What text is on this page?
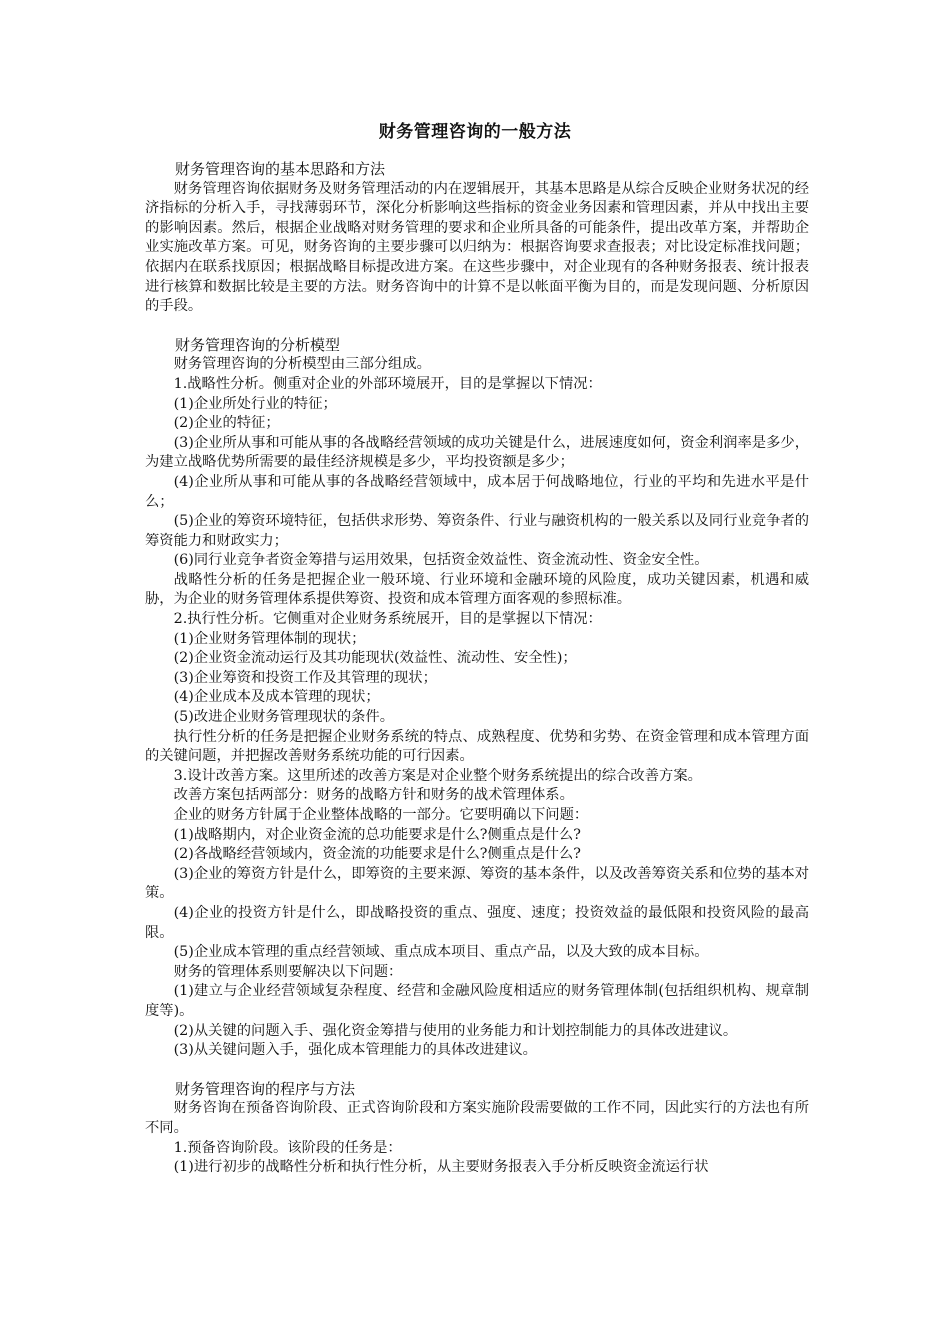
财务管理咨询的一般方法

财务管理咨询的基本思路和方法

财务管理咨询依据财务及财务管理活动的内在逻辑展开，其基本思路是从综合反映企业财务状况的经济指标的分析入手，寻找薄弱环节，深化分析影响这些指标的资金业务因素和管理因素，并从中找出主要的影响因素。然后，根据企业战略对财务管理的要求和企业所具备的可能条件，提出改革方案，并帮助企业实施改革方案。可见，财务咨询的主要步骤可以归纳为：根据咨询要求查报表；对比设定标准找问题；依据内在联系找原因；根据战略目标提改进方案。在这些步骤中，对企业现有的各种财务报表、统计报表进行核算和数据比较是主要的方法。财务咨询中的计算不是以帐面平衡为目的，而是发现问题、分析原因的手段。

财务管理咨询的分析模型

财务管理咨询的分析模型由三部分组成。

1.战略性分析。侧重对企业的外部环境展开，目的是掌握以下情况：

(1)企业所处行业的特征；

(2)企业的特征；

(3)企业所从事和可能从事的各战略经营领域的成功关键是什么，进展速度如何，资金利润率是多少，为建立战略优势所需要的最佳经济规模是多少，平均投资额是多少；

(4)企业所从事和可能从事的各战略经营领域中，成本居于何战略地位，行业的平均和先进水平是什么；

(5)企业的筹资环境特征，包括供求形势、筹资条件、行业与融资机构的一般关系以及同行业竞争者的筹资能力和财政实力；

(6)同行业竞争者资金筹措与运用效果，包括资金效益性、资金流动性、资金安全性。

战略性分析的任务是把握企业一般环境、行业环境和金融环境的风险度，成功关键因素，机遇和威胁，为企业的财务管理体系提供筹资、投资和成本管理方面客观的参照标准。

2.执行性分析。它侧重对企业财务系统展开，目的是掌握以下情况：

(1)企业财务管理体制的现状；

(2)企业资金流动运行及其功能现状(效益性、流动性、安全性)；

(3)企业筹资和投资工作及其管理的现状；

(4)企业成本及成本管理的现状；

(5)改进企业财务管理现状的条件。

执行性分析的任务是把握企业财务系统的特点、成熟程度、优势和劣势、在资金管理和成本管理方面的关键问题，并把握改善财务系统功能的可行因素。

3.设计改善方案。这里所述的改善方案是对企业整个财务系统提出的综合改善方案。

改善方案包括两部分：财务的战略方针和财务的战术管理体系。

企业的财务方针属于企业整体战略的一部分。它要明确以下问题：

(1)战略期内，对企业资金流的总功能要求是什么?侧重点是什么?

(2)各战略经营领域内，资金流的功能要求是什么?侧重点是什么?

(3)企业的筹资方针是什么，即筹资的主要来源、筹资的基本条件，以及改善筹资关系和位势的基本对策。

(4)企业的投资方针是什么，即战略投资的重点、强度、速度；投资效益的最低限和投资风险的最高限。

(5)企业成本管理的重点经营领域、重点成本项目、重点产品，以及大致的成本目标。

财务的管理体系则要解决以下问题：

(1)建立与企业经营领域复杂程度、经营和金融风险度相适应的财务管理体制(包括组织机构、规章制度等)。

(2)从关键的问题入手、强化资金筹措与使用的业务能力和计划控制能力的具体改进建议。

(3)从关键问题入手，强化成本管理能力的具体改进建议。

财务管理咨询的程序与方法

财务咨询在预备咨询阶段、正式咨询阶段和方案实施阶段需要做的工作不同，因此实行的方法也有所不同。

1.预备咨询阶段。该阶段的任务是：

(1)进行初步的战略性分析和执行性分析，从主要财务报表入手分析反映资金流运行状
